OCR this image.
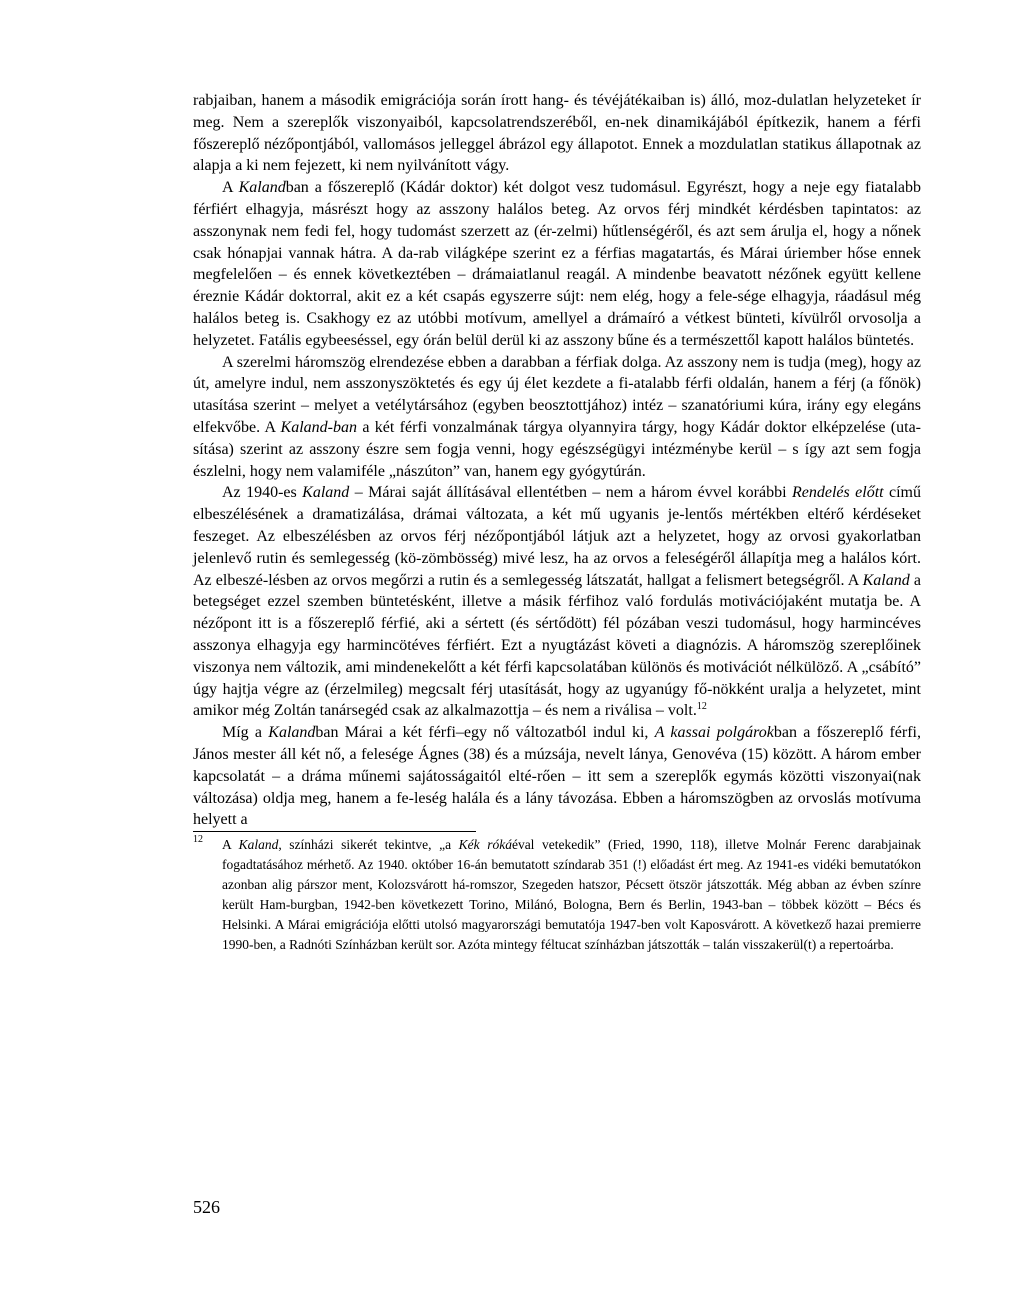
rabjaiban, hanem a második emigrációja során írott hang- és tévéjátékaiban is) álló, moz-dulatlan helyzeteket ír meg. Nem a szereplők viszonyaiból, kapcsolatrendszeréből, en-nek dinamikájából építkezik, hanem a férfi főszereplő nézőpontjából, vallomásos jelleggel ábrázol egy állapotot. Ennek a mozdulatlan statikus állapotnak az alapja a ki nem fejezett, ki nem nyilvánított vágy.

A Kalandban a főszereplő (Kádár doktor) két dolgot vesz tudomásul. Egyrészt, hogy a neje egy fiatalabb férfiért elhagyja, másrészt hogy az asszony halálos beteg. Az orvos férj mindkét kérdésben tapintatos: az asszonynak nem fedi fel, hogy tudomást szerzett az (ér-zelmi) hűtlenségéről, és azt sem árulja el, hogy a nőnek csak hónapjai vannak hátra. A da-rab világképe szerint ez a férfias magatartás, és Márai úriember hőse ennek megfelelően – és ennek következtében – drámaiatlanul reagál. A mindenbe beavatott nézőnek együtt kellene éreznie Kádár doktorral, akit ez a két csapás egyszerre sújt: nem elég, hogy a fele-sége elhagyja, ráadásul még halálos beteg is. Csakhogy ez az utóbbi motívum, amellyel a drámaíró a vétkest bünteti, kívülről orvosolja a helyzetet. Fatális egybeeséssel, egy órán belül derül ki az asszony bűne és a természettől kapott halálos büntetés.

A szerelmi háromszög elrendezése ebben a darabban a férfiak dolga. Az asszony nem is tudja (meg), hogy az út, amelyre indul, nem asszonyszöktetés és egy új élet kezdete a fi-atalabb férfi oldalán, hanem a férj (a főnök) utasítása szerint – melyet a vetélytársához (egyben beosztottjához) intéz – szanatóriumi kúra, irány egy elegáns elfekvőbe. A Kaland-ban a két férfi vonzalmának tárgya olyannyira tárgy, hogy Kádár doktor elképzelése (uta-sítása) szerint az asszony észre sem fogja venni, hogy egészségügyi intézménybe kerül – s így azt sem fogja észlelni, hogy nem valamiféle „nászúton” van, hanem egy gyógytúrán.

Az 1940-es Kaland – Márai saját állításával ellentétben – nem a három évvel korábbi Rendelés előtt című elbeszélésének a dramatizálása, drámai változata, a két mű ugyanis je-lentős mértékben eltérő kérdéseket feszeget. Az elbeszélésben az orvos férj nézőpontjából látjuk azt a helyzetet, hogy az orvosi gyakorlatban jelenlevő rutin és semlegesség (kö-zömbösség) mivé lesz, ha az orvos a feleségéről állapítja meg a halálos kórt. Az elbeszé-lésben az orvos megőrzi a rutin és a semlegesség látszatát, hallgat a felismert betegségről. A Kaland a betegséget ezzel szemben büntetésként, illetve a másik férfihoz való fordulás motivációjaként mutatja be. A nézőpont itt is a főszereplő férfié, aki a sértett (és sértődött) fél pózában veszi tudomásul, hogy harmincéves asszonya elhagyja egy harmincötéves férfiért. Ezt a nyugtázást követi a diagnózis. A háromszög szereplőinek viszonya nem változik, ami mindenekelőtt a két férfi kapcsolatában különös és motivációt nélkülöző. A „csábító” úgy hajtja végre az (érzelmileg) megcsalt férj utasítását, hogy az ugyanúgy fő-nökként uralja a helyzetet, mint amikor még Zoltán tanársegéd csak az alkalmazottja – és nem a riválisa – volt.$^{12}$

Míg a Kalandban Márai a két férfi–egy nő változatból indul ki, A kassai polgárokban a főszereplő férfi, János mester áll két nő, a felesége Ágnes (38) és a múzsája, nevelt lánya, Genovéva (15) között. A három ember kapcsolatát – a dráma műnemi sajátosságaitól elté-rően – itt sem a szereplők egymás közötti viszonyai(nak változása) oldja meg, hanem a fe-leség halála és a lány távozása. Ebben a háromszögben az orvoslás motívuma helyett a

12 A Kaland, színházi sikerét tekintve, „a Kék rókáéval vetekedik” (Fried, 1990, 118), illetve Molnár Ferenc darabjainak fogadtatásához mérhető. Az 1940. október 16-án bemutatott színdarab 351 (!) előadást ért meg. Az 1941-es vidéki bemutatókon azonban alig párszor ment, Kolozsvárott há-romszor, Szegeden hatszor, Pécsett ötször játszották. Még abban az évben színre került Ham-burgban, 1942-ben következett Torino, Milánó, Bologna, Bern és Berlin, 1943-ban – többek között – Bécs és Helsinki. A Márai emigrációja előtti utolsó magyarországi bemutatója 1947-ben volt Kaposvárott. A következő hazai premierre 1990-ben, a Radnóti Színházban került sor. Azóta mintegy féltucat színházban játszották – talán visszakerül(t) a repertoárba.
526
